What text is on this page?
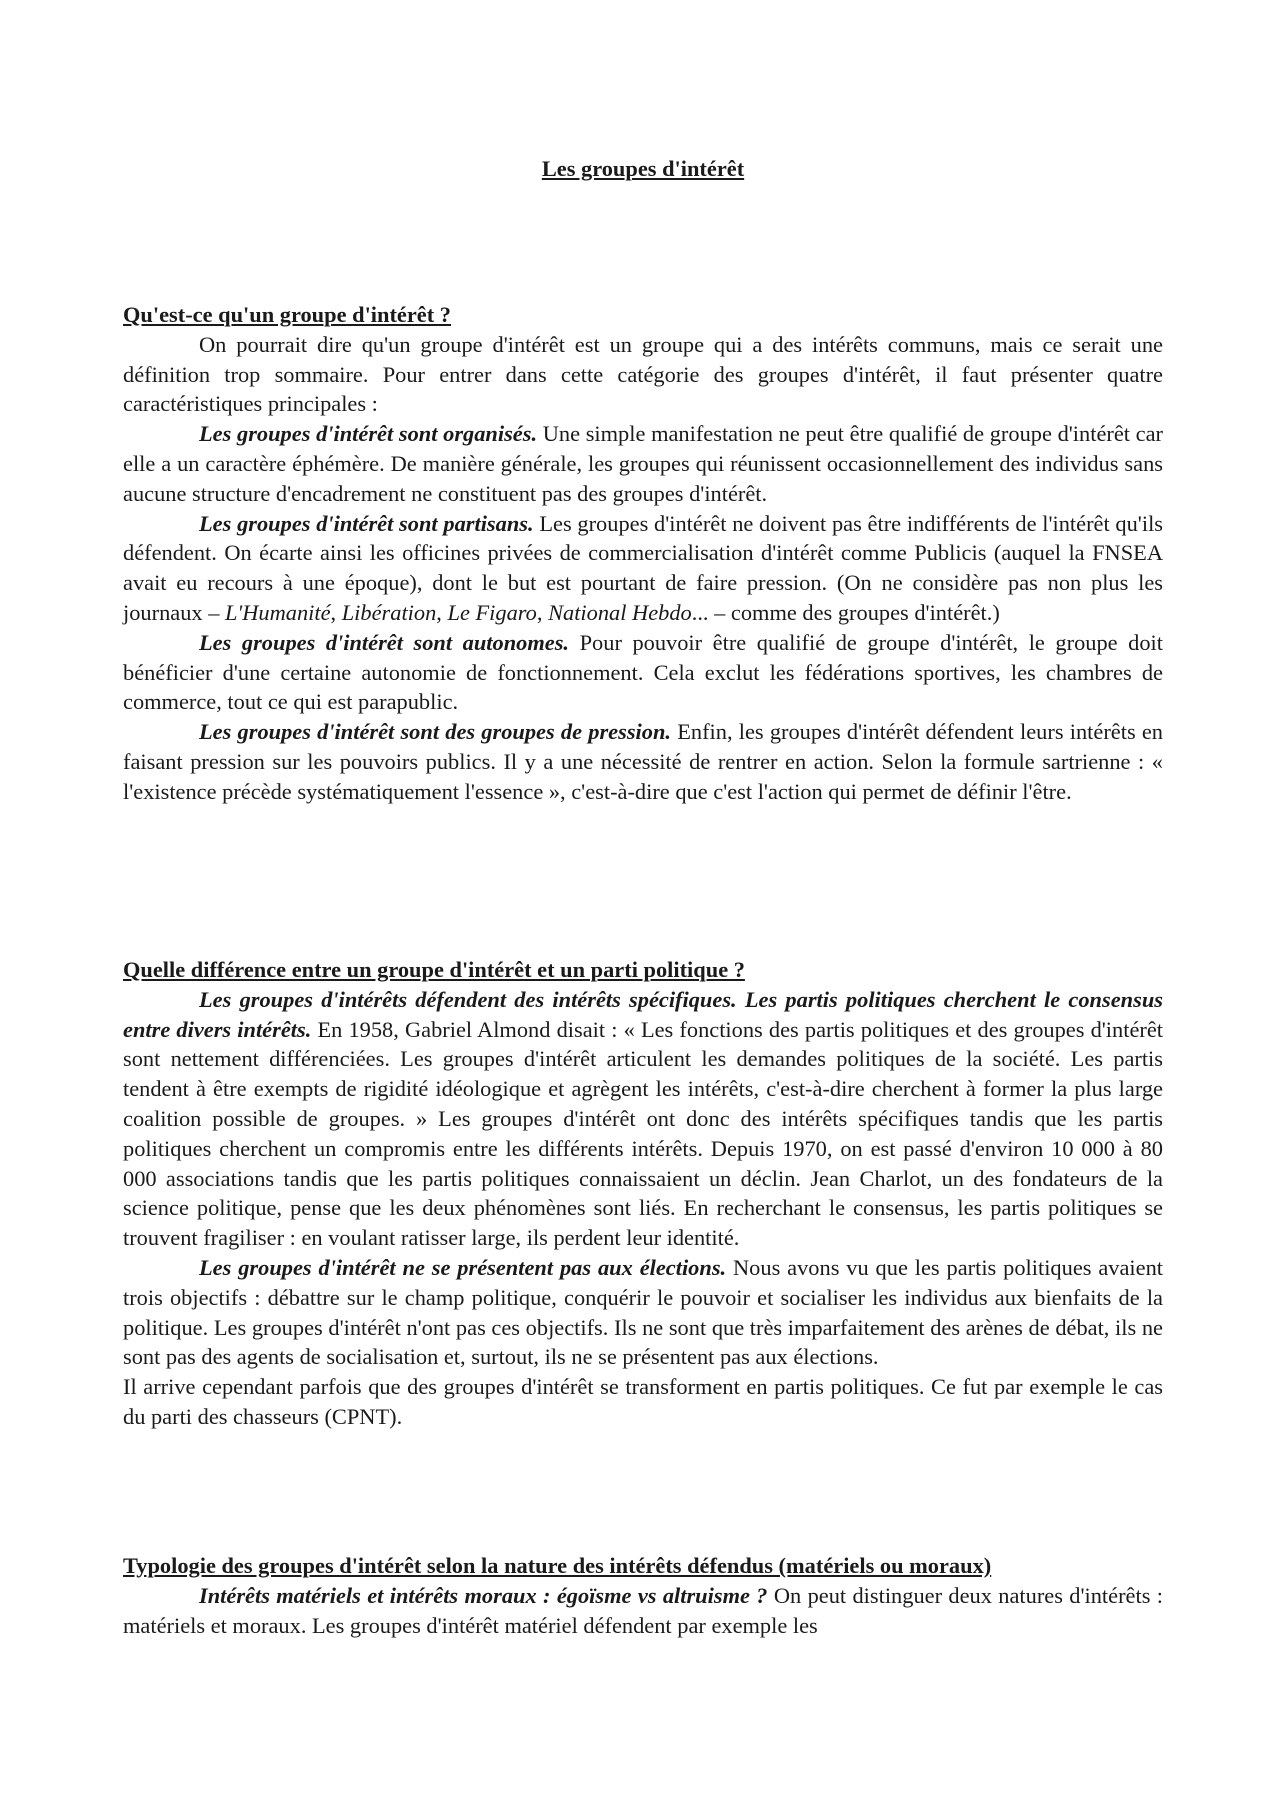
Les groupes d'intérêt
Qu'est-ce qu'un groupe d'intérêt ?

On pourrait dire qu'un groupe d'intérêt est un groupe qui a des intérêts communs, mais ce serait une définition trop sommaire. Pour entrer dans cette catégorie des groupes d'intérêt, il faut présenter quatre caractéristiques principales :

Les groupes d'intérêt sont organisés. Une simple manifestation ne peut être qualifié de groupe d'intérêt car elle a un caractère éphémère. De manière générale, les groupes qui réunissent occasionnellement des individus sans aucune structure d'encadrement ne constituent pas des groupes d'intérêt.

Les groupes d'intérêt sont partisans. Les groupes d'intérêt ne doivent pas être indifférents de l'intérêt qu'ils défendent. On écarte ainsi les officines privées de commercialisation d'intérêt comme Publicis (auquel la FNSEA avait eu recours à une époque), dont le but est pourtant de faire pression. (On ne considère pas non plus les journaux – L'Humanité, Libération, Le Figaro, National Hebdo... – comme des groupes d'intérêt.)

Les groupes d'intérêt sont autonomes. Pour pouvoir être qualifié de groupe d'intérêt, le groupe doit bénéficier d'une certaine autonomie de fonctionnement. Cela exclut les fédérations sportives, les chambres de commerce, tout ce qui est parapublic.

Les groupes d'intérêt sont des groupes de pression. Enfin, les groupes d'intérêt défendent leurs intérêts en faisant pression sur les pouvoirs publics. Il y a une nécessité de rentrer en action. Selon la formule sartrienne : « l'existence précède systématiquement l'essence », c'est-à-dire que c'est l'action qui permet de définir l'être.

Quelle différence entre un groupe d'intérêt et un parti politique ?

Les groupes d'intérêts défendent des intérêts spécifiques. Les partis politiques cherchent le consensus entre divers intérêts. En 1958, Gabriel Almond disait : « Les fonctions des partis politiques et des groupes d'intérêt sont nettement différenciées. Les groupes d'intérêt articulent les demandes politiques de la société. Les partis tendent à être exempts de rigidité idéologique et agrègent les intérêts, c'est-à-dire cherchent à former la plus large coalition possible de groupes. » Les groupes d'intérêt ont donc des intérêts spécifiques tandis que les partis politiques cherchent un compromis entre les différents intérêts. Depuis 1970, on est passé d'environ 10 000 à 80 000 associations tandis que les partis politiques connaissaient un déclin. Jean Charlot, un des fondateurs de la science politique, pense que les deux phénomènes sont liés. En recherchant le consensus, les partis politiques se trouvent fragiliser : en voulant ratisser large, ils perdent leur identité.

Les groupes d'intérêt ne se présentent pas aux élections. Nous avons vu que les partis politiques avaient trois objectifs : débattre sur le champ politique, conquérir le pouvoir et socialiser les individus aux bienfaits de la politique. Les groupes d'intérêt n'ont pas ces objectifs. Ils ne sont que très imparfaitement des arènes de débat, ils ne sont pas des agents de socialisation et, surtout, ils ne se présentent pas aux élections.

Il arrive cependant parfois que des groupes d'intérêt se transforment en partis politiques. Ce fut par exemple le cas du parti des chasseurs (CPNT).

Typologie des groupes d'intérêt selon la nature des intérêts défendus (matériels ou moraux)

Intérêts matériels et intérêts moraux : égoïsme vs altruisme ? On peut distinguer deux natures d'intérêts : matériels et moraux. Les groupes d'intérêt matériel défendent par exemple les
